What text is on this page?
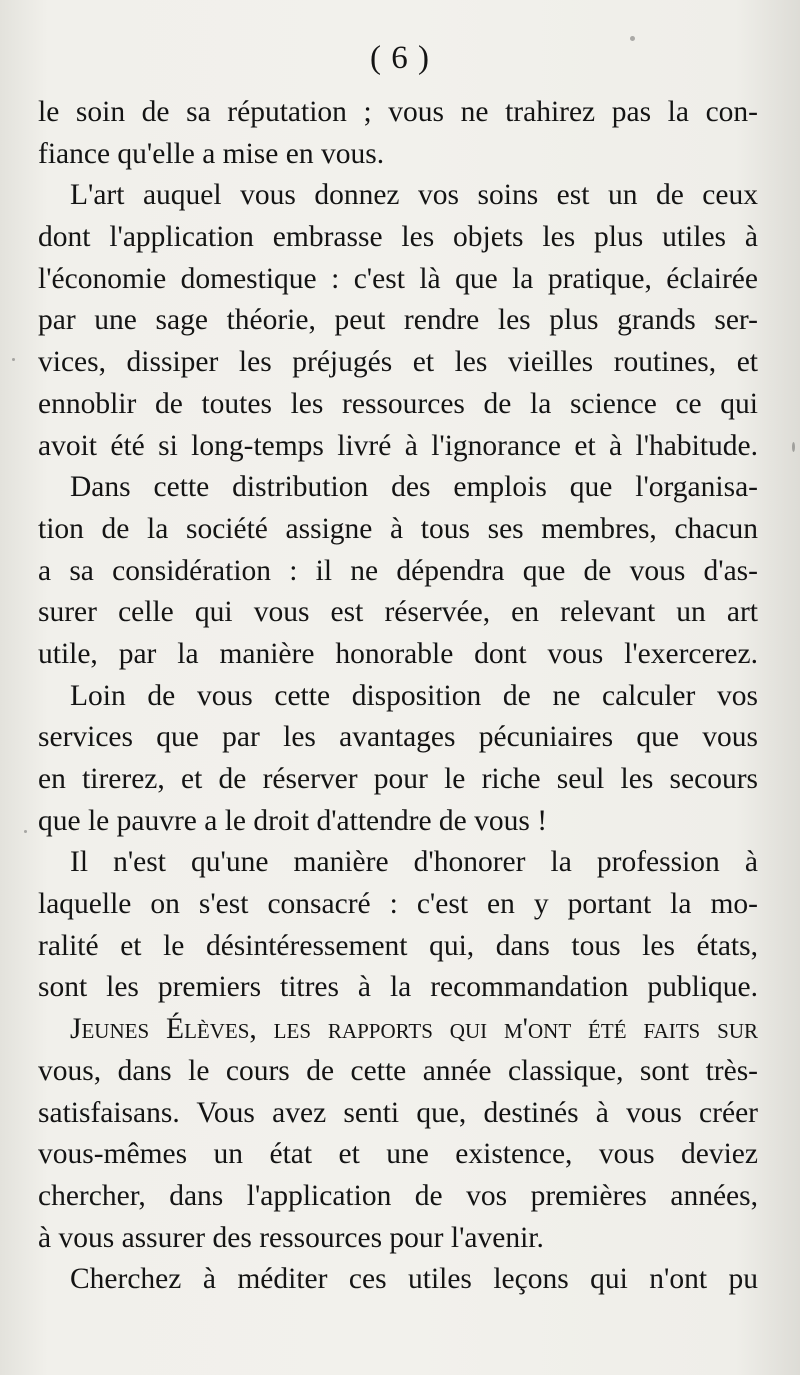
( 6 )
le soin de sa réputation ; vous ne trahirez pas la con-
fiance qu'elle a mise en vous.
L'art auquel vous donnez vos soins est un de ceux
dont l'application embrasse les objets les plus utiles à
l'économie domestique : c'est là que la pratique, éclairée
par une sage théorie, peut rendre les plus grands ser-
vices, dissiper les préjugés et les vieilles routines, et
ennoblir de toutes les ressources de la science ce qui
avoit été si long-temps livré à l'ignorance et à l'habitude.
Dans cette distribution des emplois que l'organisa-
tion de la société assigne à tous ses membres, chacun
a sa considération : il ne dépendra que de vous d'as-
surer celle qui vous est réservée, en relevant un art
utile, par la manière honorable dont vous l'exercerez.
Loin de vous cette disposition de ne calculer vos
services que par les avantages pécuniaires que vous
en tirerez, et de réserver pour le riche seul les secours
que le pauvre a le droit d'attendre de vous !
Il n'est qu'une manière d'honorer la profession à
laquelle on s'est consacré : c'est en y portant la mo-
ralité et le désintéressement qui, dans tous les états,
sont les premiers titres à la recommandation publique.
Jeunes Élèves, les rapports qui m'ont été faits sur
vous, dans le cours de cette année classique, sont très-
satisfaisans. Vous avez senti que, destinés à vous créer
vous-mêmes un état et une existence, vous deviez
chercher, dans l'application de vos premières années,
à vous assurer des ressources pour l'avenir.
Cherchez à méditer ces utiles leçons qui n'ont pu
